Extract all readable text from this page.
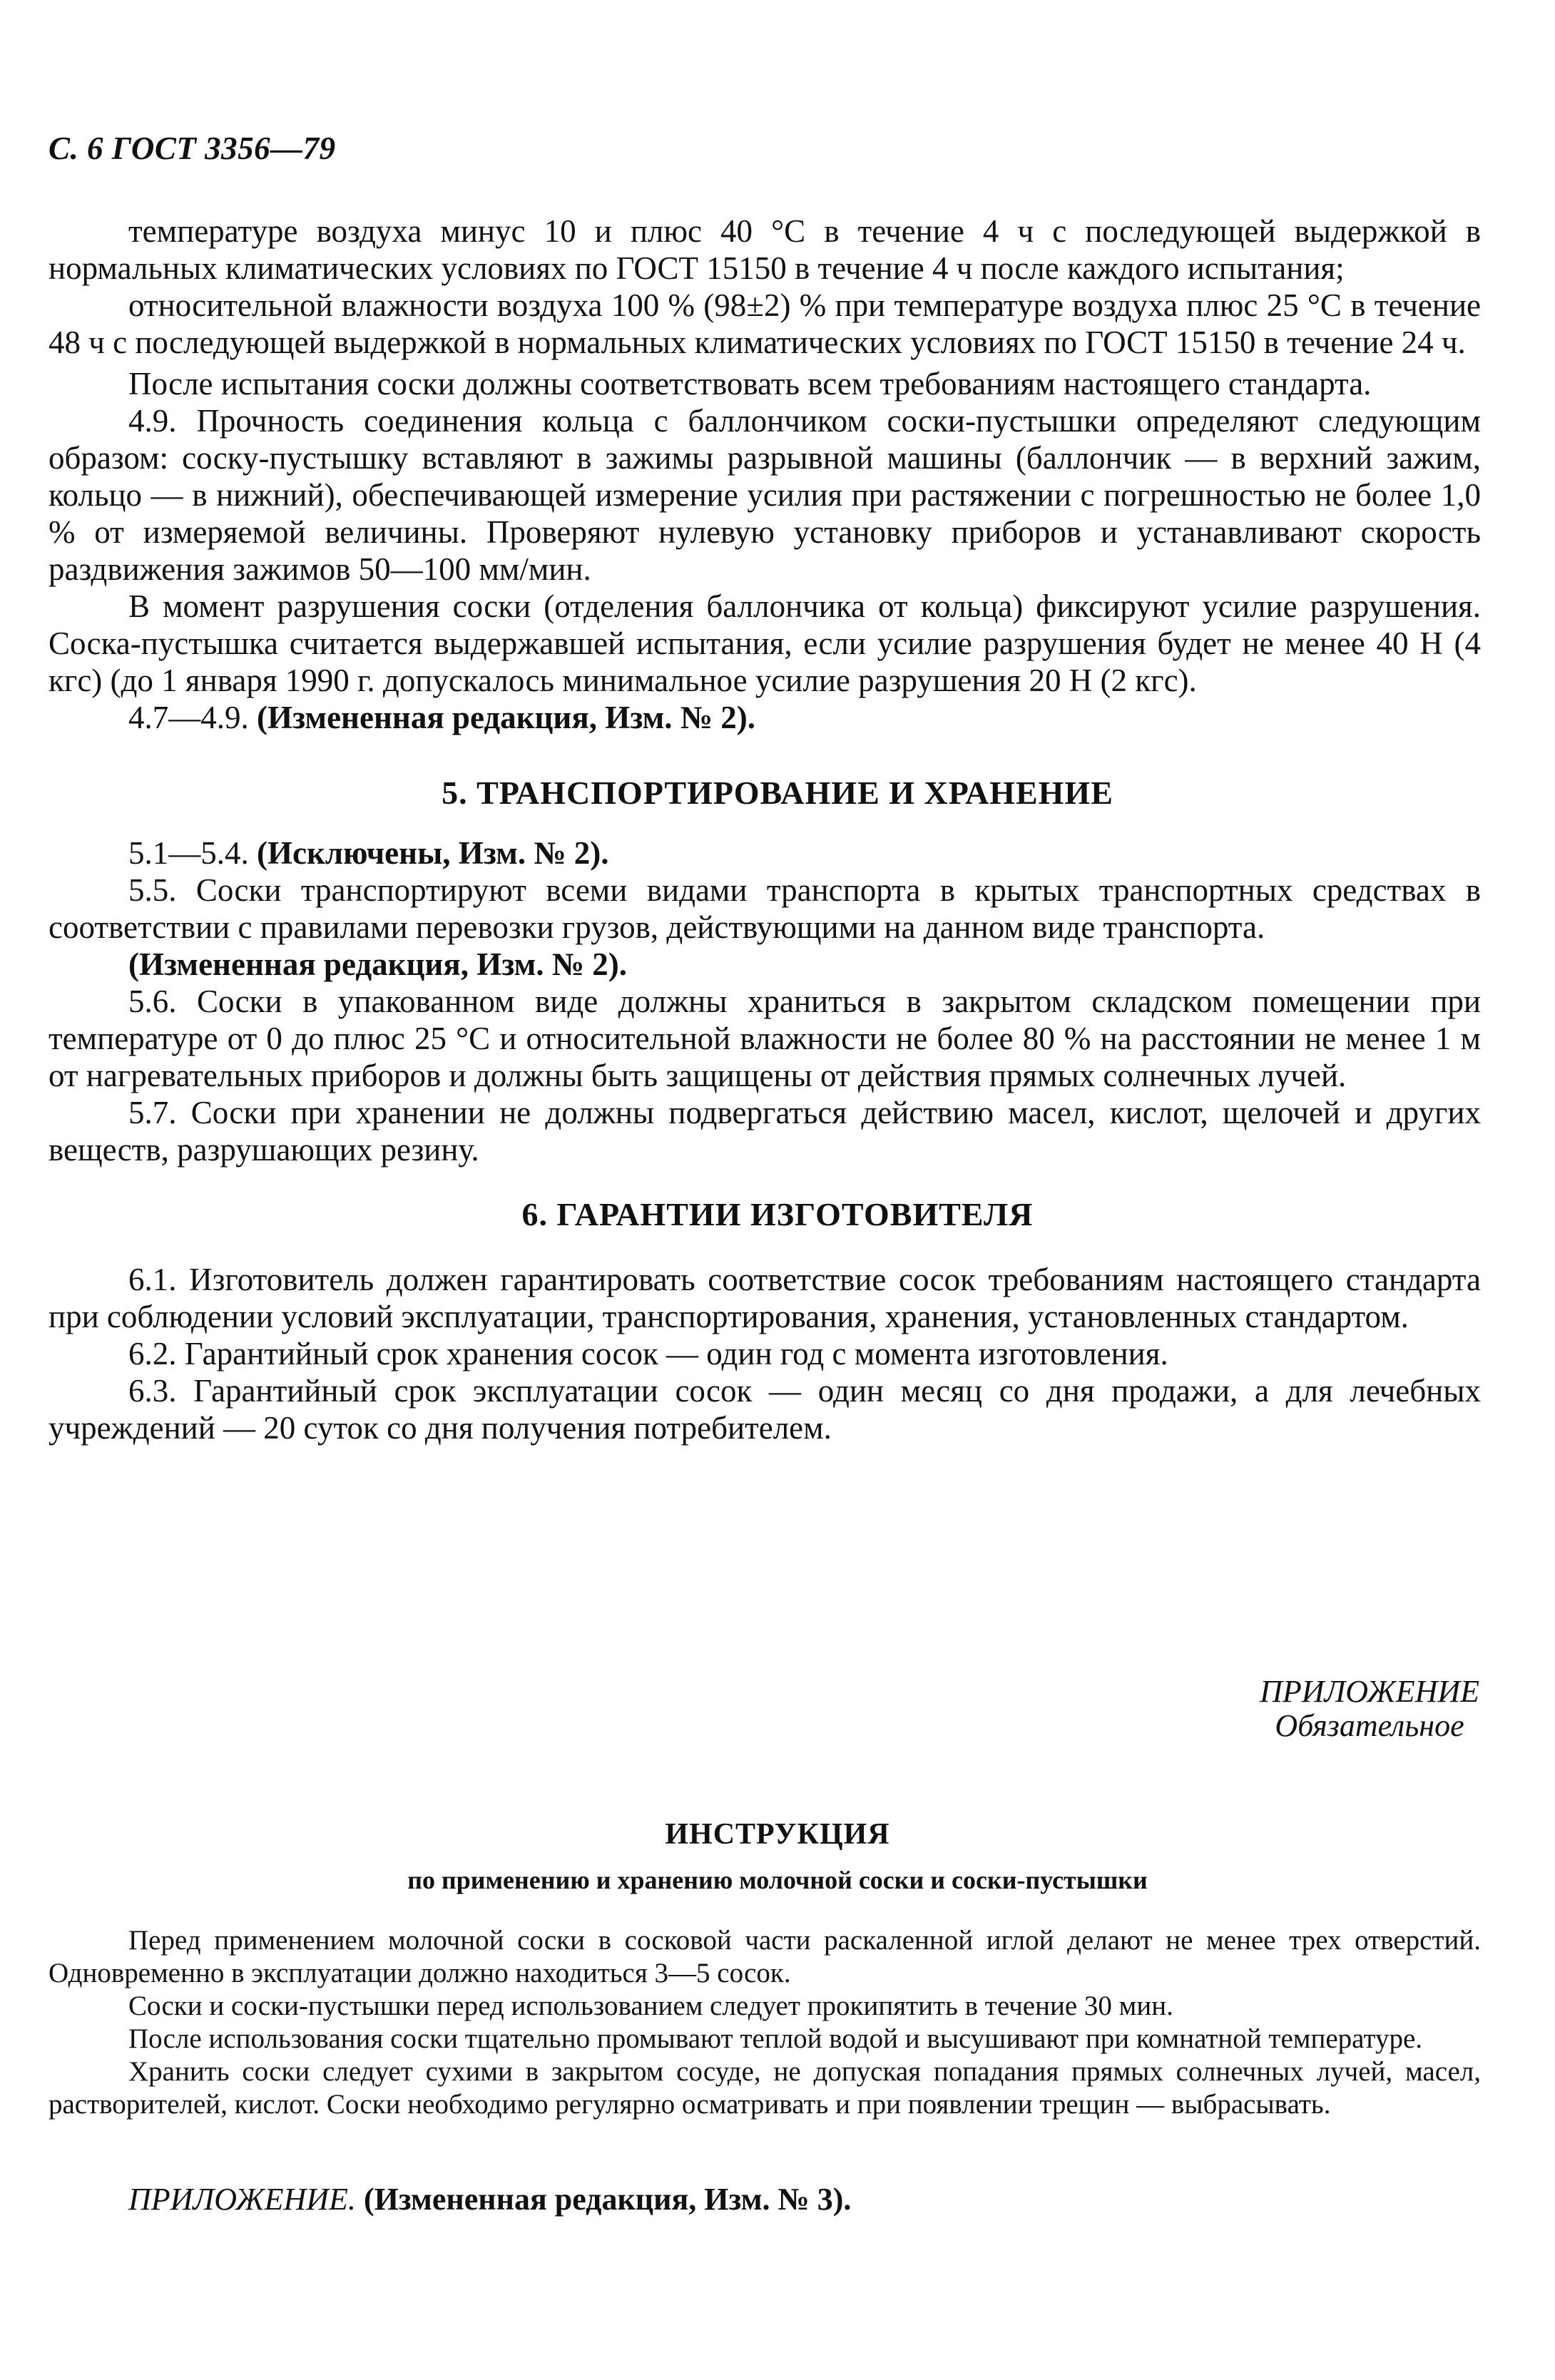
С. 6 ГОСТ 3356—79

температуре воздуха минус 10 и плюс 40 °С в течение 4 ч с последующей выдержкой в нормальных климатических условиях по ГОСТ 15150 в течение 4 ч после каждого испытания;

относительной влажности воздуха 100 % (98±2) % при температуре воздуха плюс 25 °С в течение 48 ч с последующей выдержкой в нормальных климатических условиях по ГОСТ 15150 в течение 24 ч.

После испытания соски должны соответствовать всем требованиям настоящего стандарта.

4.9. Прочность соединения кольца с баллончиком соски-пустышки определяют следующим образом: соску-пустышку вставляют в зажимы разрывной машины (баллончик — в верхний зажим, кольцо — в нижний), обеспечивающей измерение усилия при растяжении с погрешностью не более 1,0 % от измеряемой величины. Проверяют нулевую установку приборов и устанавливают скорость раздвижения зажимов 50—100 мм/мин.

В момент разрушения соски (отделения баллончика от кольца) фиксируют усилие разрушения. Соска-пустышка считается выдержавшей испытания, если усилие разрушения будет не менее 40 Н (4 кгс) (до 1 января 1990 г. допускалось минимальное усилие разрушения 20 Н (2 кгс).

4.7—4.9. (Измененная редакция, Изм. № 2).

5. ТРАНСПОРТИРОВАНИЕ И ХРАНЕНИЕ

5.1—5.4. (Исключены, Изм. № 2).

5.5. Соски транспортируют всеми видами транспорта в крытых транспортных средствах в соответствии с правилами перевозки грузов, действующими на данном виде транспорта.

(Измененная редакция, Изм. № 2).

5.6. Соски в упакованном виде должны храниться в закрытом складском помещении при температуре от 0 до плюс 25 °С и относительной влажности не более 80 % на расстоянии не менее 1 м от нагревательных приборов и должны быть защищены от действия прямых солнечных лучей.

5.7. Соски при хранении не должны подвергаться действию масел, кислот, щелочей и других веществ, разрушающих резину.

6. ГАРАНТИИ ИЗГОТОВИТЕЛЯ

6.1. Изготовитель должен гарантировать соответствие сосок требованиям настоящего стандарта при соблюдении условий эксплуатации, транспортирования, хранения, установленных стандартом.

6.2. Гарантийный срок хранения сосок — один год с момента изготовления.

6.3. Гарантийный срок эксплуатации сосок — один месяц со дня продажи, а для лечебных учреждений — 20 суток со дня получения потребителем.

ПРИЛОЖЕНИЕ
Обязательное
ИНСТРУКЦИЯ
по применению и хранению молочной соски и соски-пустышки

Перед применением молочной соски в сосковой части раскаленной иглой делают не менее трех отверстий. Одновременно в эксплуатации должно находиться 3—5 сосок.

Соски и соски-пустышки перед использованием следует прокипятить в течение 30 мин.

После использования соски тщательно промывают теплой водой и высушивают при комнатной температуре.

Хранить соски следует сухими в закрытом сосуде, не допуская попадания прямых солнечных лучей, масел, растворителей, кислот. Соски необходимо регулярно осматривать и при появлении трещин — выбрасывать.

ПРИЛОЖЕНИЕ. (Измененная редакция, Изм. № 3).
